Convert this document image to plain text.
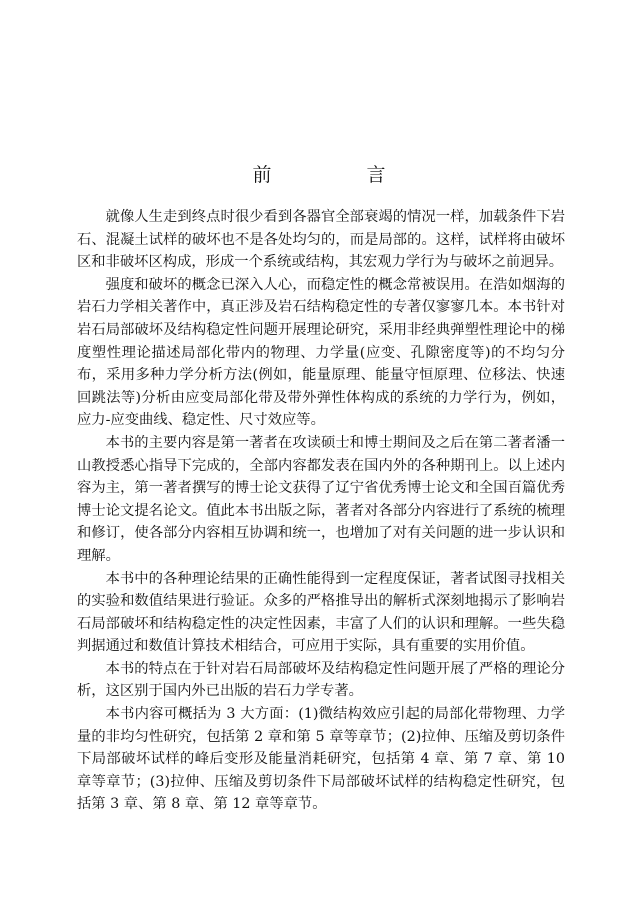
前　言

就像人生走到终点时很少看到各器官全部衰竭的情况一样，加载条件下岩石、混凝土试样的破坏也不是各处均匀的，而是局部的。这样，试样将由破坏区和非破坏区构成，形成一个系统或结构，其宏观力学行为与破坏之前迥异。

强度和破坏的概念已深入人心，而稳定性的概念常被误用。在浩如烟海的岩石力学相关著作中，真正涉及岩石结构稳定性的专著仅寥寥几本。本书针对岩石局部破坏及结构稳定性问题开展理论研究，采用非经典弹塑性理论中的梯度塑性理论描述局部化带内的物理、力学量(应变、孔隙密度等)的不均匀分布，采用多种力学分析方法(例如，能量原理、能量守恒原理、位移法、快速回跳法等)分析由应变局部化带及带外弹性体构成的系统的力学行为，例如，应力-应变曲线、稳定性、尺寸效应等。

本书的主要内容是第一著者在攻读硕士和博士期间及之后在第二著者潘一山教授悉心指导下完成的，全部内容都发表在国内外的各种期刊上。以上述内容为主，第一著者撰写的博士论文获得了辽宁省优秀博士论文和全国百篇优秀博士论文提名论文。值此本书出版之际，著者对各部分内容进行了系统的梳理和修订，使各部分内容相互协调和统一，也增加了对有关问题的进一步认识和理解。

本书中的各种理论结果的正确性能得到一定程度保证，著者试图寻找相关的实验和数值结果进行验证。众多的严格推导出的解析式深刻地揭示了影响岩石局部破坏和结构稳定性的决定性因素，丰富了人们的认识和理解。一些失稳判据通过和数值计算技术相结合，可应用于实际，具有重要的实用价值。

本书的特点在于针对岩石局部破坏及结构稳定性问题开展了严格的理论分析，这区别于国内外已出版的岩石力学专著。

本书内容可概括为 3 大方面：(1)微结构效应引起的局部化带物理、力学量的非均匀性研究，包括第 2 章和第 5 章等章节；(2)拉伸、压缩及剪切条件下局部破坏试样的峰后变形及能量消耗研究，包括第 4 章、第 7 章、第 10 章等章节；(3)拉伸、压缩及剪切条件下局部破坏试样的结构稳定性研究，包括第 3 章、第 8 章、第 12 章等章节。
